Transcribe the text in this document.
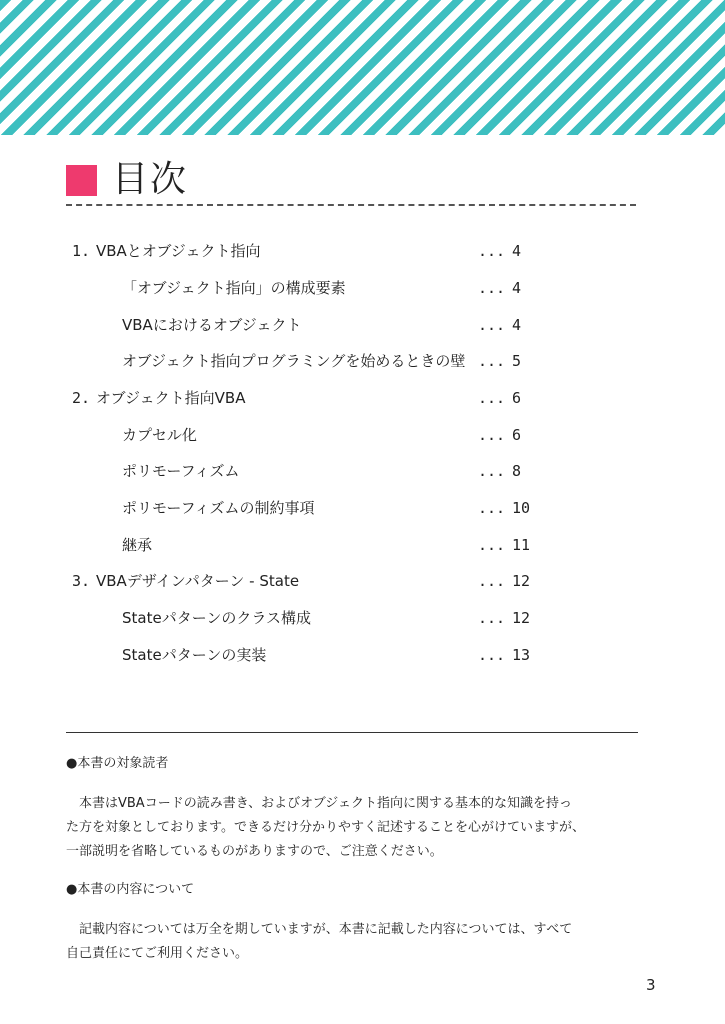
目次
1. VBAとオブジェクト指向	... 4
「オブジェクト指向」の構成要素	... 4
VBAにおけるオブジェクト	... 4
オブジェクト指向プログラミングを始めるときの壁 ... 5
2. オブジェクト指向VBA	... 6
カプセル化	... 6
ポリモーフィズム	... 8
ポリモーフィズムの制約事項	... 10
継承	... 11
3. VBAデザインパターン - State	... 12
Stateパターンのクラス構成	... 12
Stateパターンの実装	... 13
●本書の対象読者
　本書はVBAコードの読み書き、およびオブジェクト指向に関する基本的な知識を持っ
た方を対象としております。できるだけ分かりやすく記述することを心がけていますが、
一部説明を省略しているものがありますので、ご注意ください。
●本書の内容について
　記載内容については万全を期していますが、本書に記載した内容については、すべて
自己責任にてご利用ください。
3
